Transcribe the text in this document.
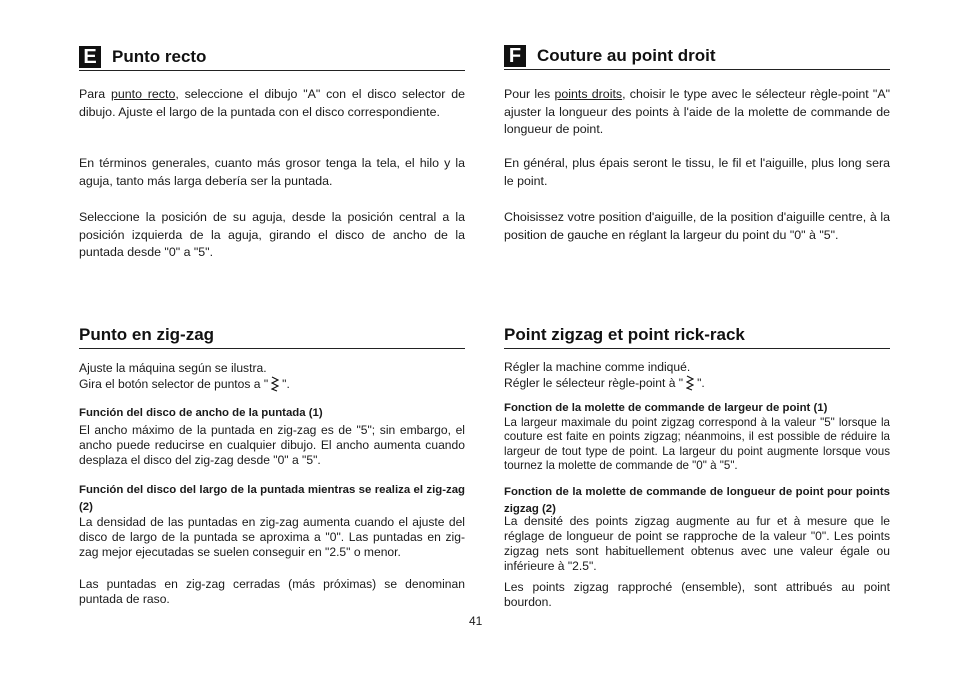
E Punto recto

Para punto recto, seleccione el dibujo "A" con el disco selector de dibujo. Ajuste el largo de la puntada con el disco correspondiente.

En términos generales, cuanto más grosor tenga la tela, el hilo y la aguja, tanto más larga debería ser la puntada.

Seleccione la posición de su aguja, desde la posición central a la posición izquierda de la aguja, girando el disco de ancho de la puntada desde "0" a "5".

Punto en zig-zag

Ajuste la máquina según se ilustra.
Gira el botón selector de puntos a " ".

Función del disco de ancho de la puntada (1)

El ancho máximo de la puntada en zig-zag es de "5"; sin embargo, el ancho puede reducirse en cualquier dibujo. El ancho aumenta cuando desplaza el disco del zig-zag desde "0" a "5".

Función del disco del largo de la puntada mientras se realiza el zig-zag (2)

La densidad de las puntadas en zig-zag aumenta cuando el ajuste del disco de largo de la puntada se aproxima a "0". Las puntadas en zig-zag mejor ejecutadas se suelen conseguir en "2.5" o menor.

Las puntadas en zig-zag cerradas (más próximas) se denominan puntada de raso.

F Couture au point droit

Pour les points droits, choisir le type avec le sélecteur règle-point "A" ajuster la longueur des points à l'aide de la molette de commande de longueur de point.

En général, plus épais seront le tissu, le fil et l'aiguille, plus long sera le point.

Choisissez votre position d'aiguille, de la position d'aiguille centre, à la position de gauche en réglant la largeur du point du "0" à "5".

Point zigzag et point rick-rack

Régler la machine comme indiqué.
Régler le sélecteur règle-point à " ".

Fonction de la molette de commande de largeur de point (1)

La largeur maximale du point zigzag correspond à la valeur "5" lorsque la couture est faite en points zigzag; néanmoins, il est possible de réduire la largeur de tout type de point. La largeur du point augmente lorsque vous tournez la molette de commande de "0" à "5".

Fonction de la molette de commande de longueur de point pour points zigzag (2)

La densité des points zigzag augmente au fur et à mesure que le réglage de longueur de point se rapproche de la valeur "0". Les points zigzag nets sont habituellement obtenus avec une valeur égale ou inférieure à "2.5".

Les points zigzag rapproché (ensemble), sont attribués au point bourdon.

41
